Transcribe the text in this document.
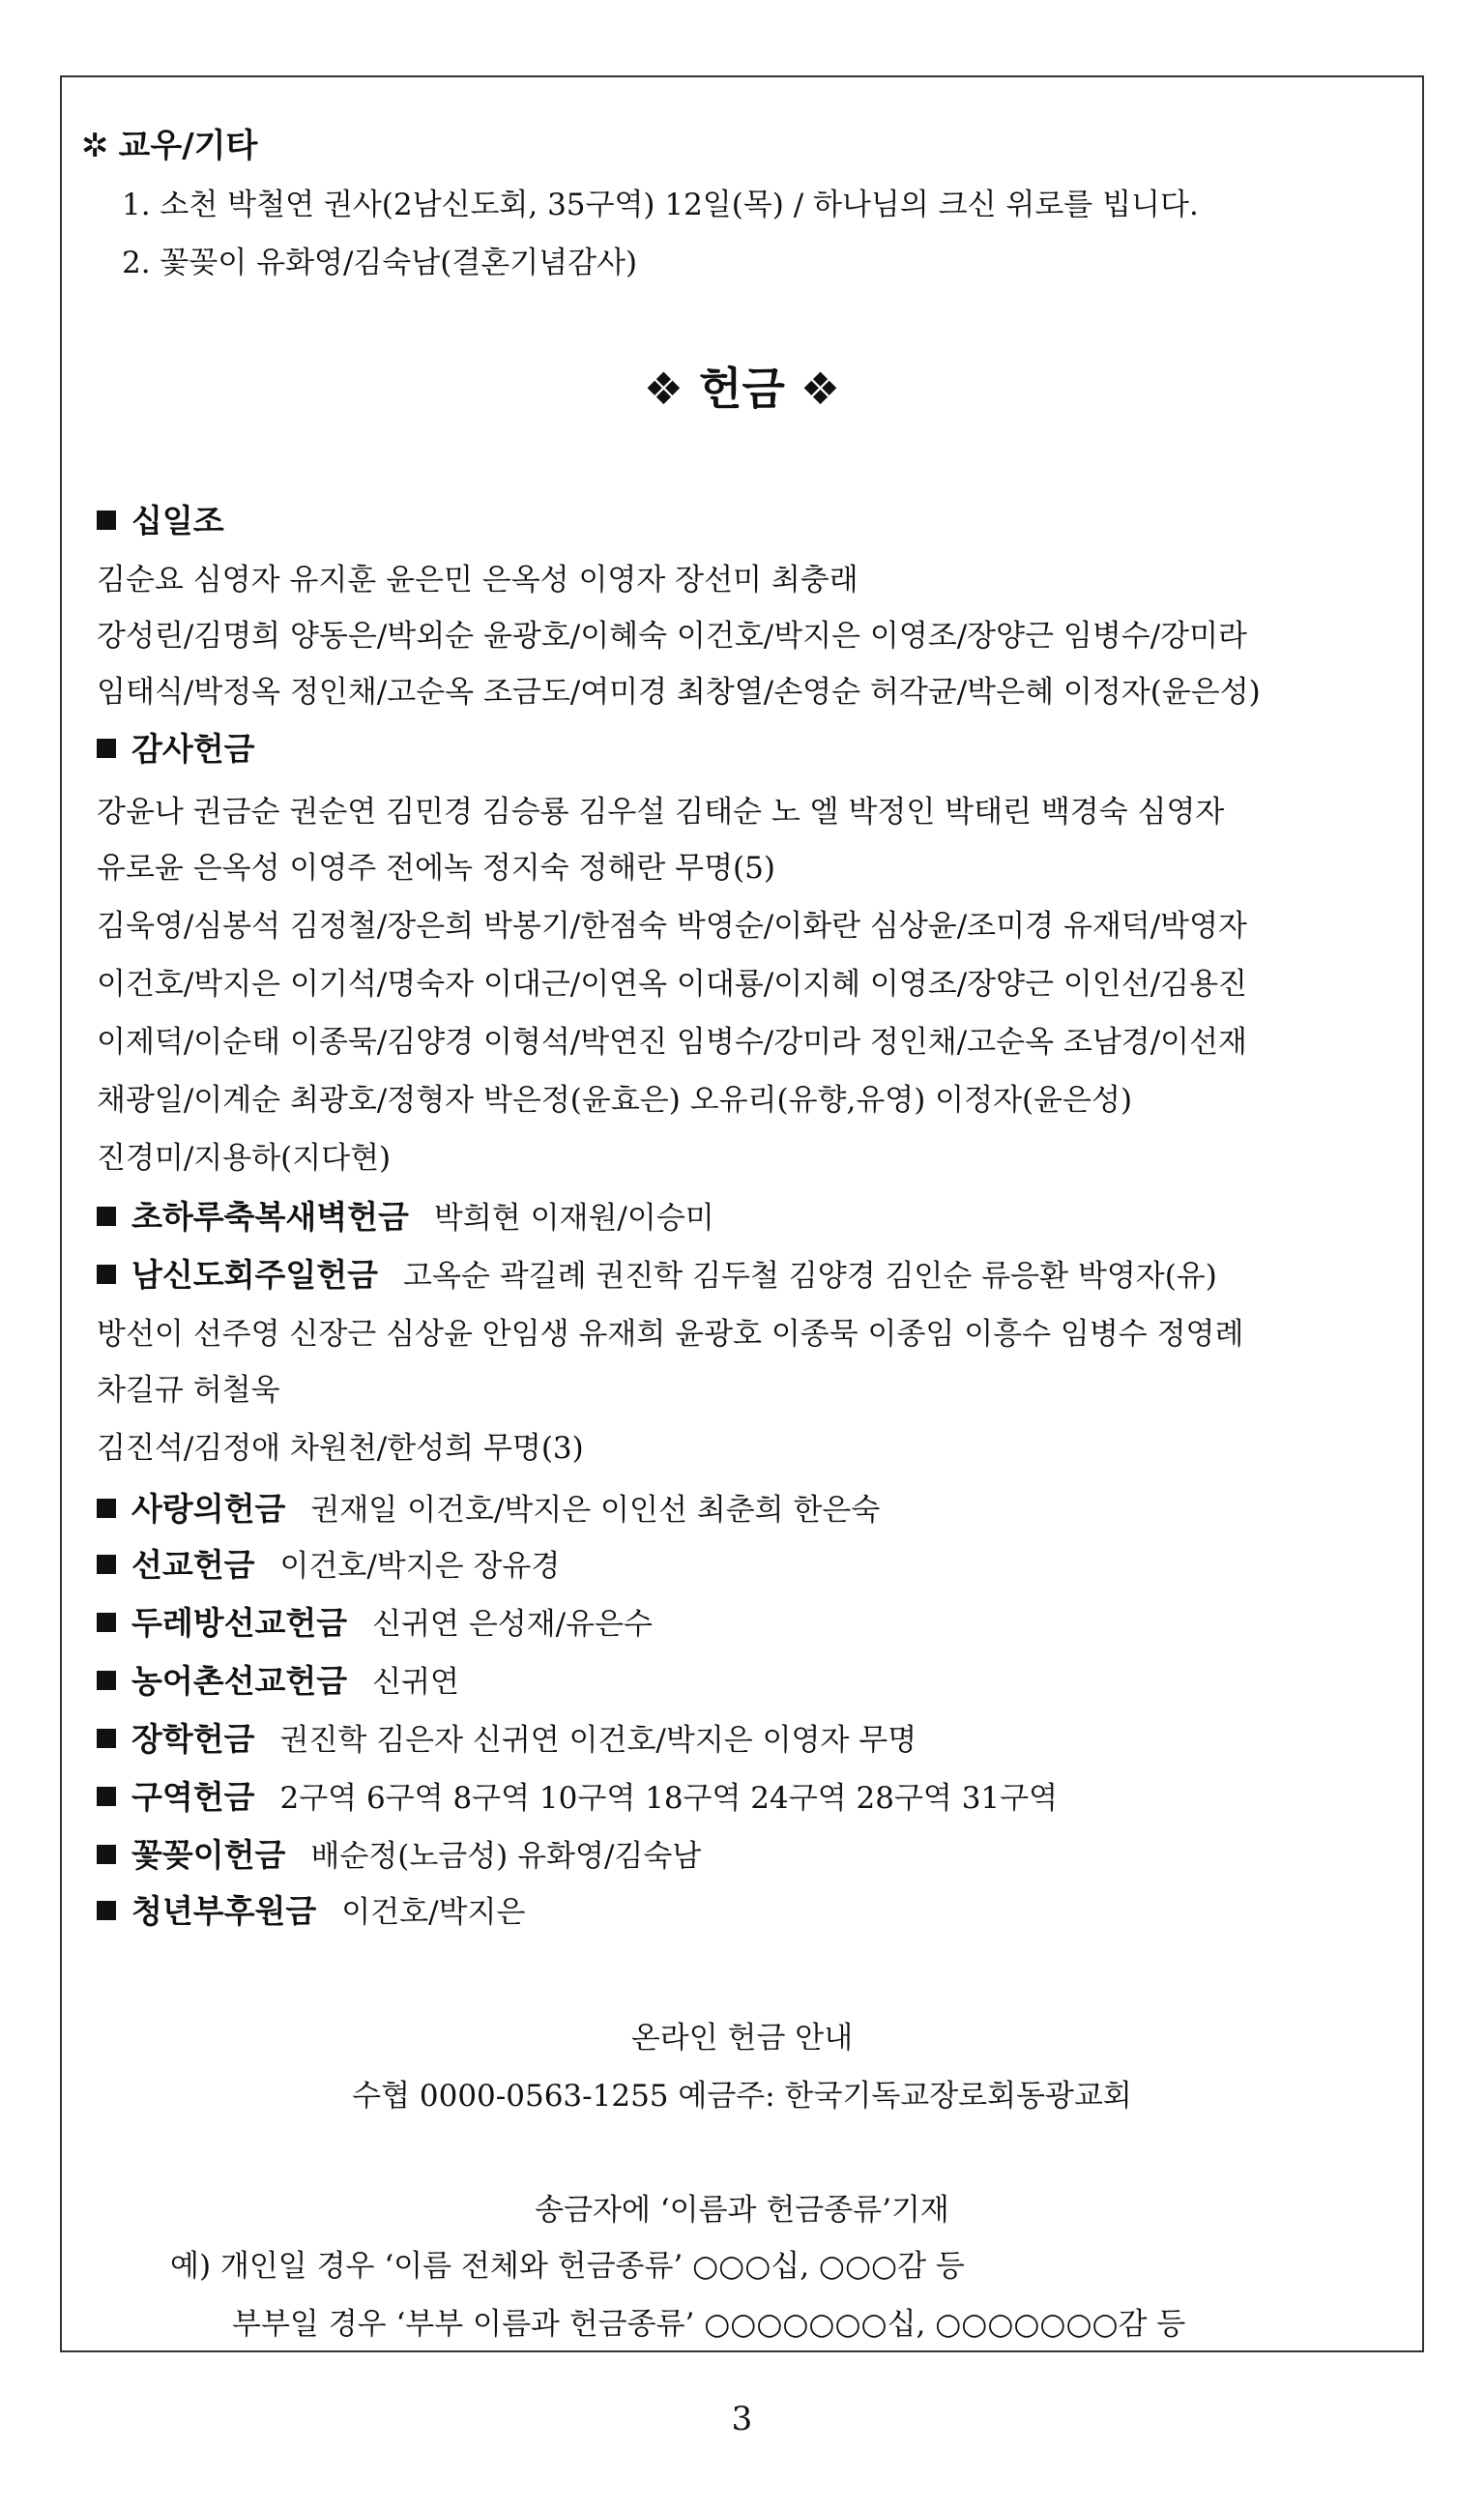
✲ 교우/기타
1. 소천 박철연 권사(2남신도회, 35구역) 12일(목) / 하나님의 크신 위로를 빕니다.
2. 꽃꽂이 유화영/김숙남(결혼기념감사)
❖ 헌금 ❖
십일조
김순요 심영자 유지훈 윤은민 은옥성 이영자 장선미 최충래
강성린/김명희 양동은/박외순 윤광호/이혜숙 이건호/박지은 이영조/장양근 임병수/강미라
임태식/박정옥 정인채/고순옥 조금도/여미경 최창열/손영순 허각균/박은혜 이정자(윤은성)
감사헌금
강윤나 권금순 권순연 김민경 김승룡 김우설 김태순 노 엘 박정인 박태린 백경숙 심영자
유로윤 은옥성 이영주 전에녹 정지숙 정해란 무명(5)
김욱영/심봉석 김정철/장은희 박봉기/한점숙 박영순/이화란 심상윤/조미경 유재덕/박영자
이건호/박지은 이기석/명숙자 이대근/이연옥 이대룡/이지혜 이영조/장양근 이인선/김용진
이제덕/이순태 이종묵/김양경 이형석/박연진 임병수/강미라 정인채/고순옥 조남경/이선재
채광일/이계순 최광호/정형자 박은정(윤효은) 오유리(유향,유영) 이정자(윤은성)
진경미/지용하(지다현)
초하루축복새벽헌금 박희현 이재원/이승미
남신도회주일헌금 고옥순 곽길례 권진학 김두철 김양경 김인순 류응환 박영자(유)
방선이 선주영 신장근 심상윤 안임생 유재희 윤광호 이종묵 이종임 이흥수 임병수 정영례
차길규 허철욱
김진석/김정애 차원천/한성희 무명(3)
사랑의헌금 권재일 이건호/박지은 이인선 최춘희 한은숙
선교헌금 이건호/박지은 장유경
두레방선교헌금 신귀연 은성재/유은수
농어촌선교헌금 신귀연
장학헌금 권진학 김은자 신귀연 이건호/박지은 이영자 무명
구역헌금 2구역 6구역 8구역 10구역 18구역 24구역 28구역 31구역
꽃꽂이헌금 배순정(노금성) 유화영/김숙남
청년부후원금 이건호/박지은
온라인 헌금 안내
수협 0000-0563-1255 예금주: 한국기독교장로회동광교회
송금자에 ‘이름과 헌금종류’기재
예) 개인일 경우 ‘이름 전체와 헌금종류’ ○○○십, ○○○감 등
부부일 경우 ‘부부 이름과 헌금종류’ ○○○○○○○십, ○○○○○○○감 등
3
